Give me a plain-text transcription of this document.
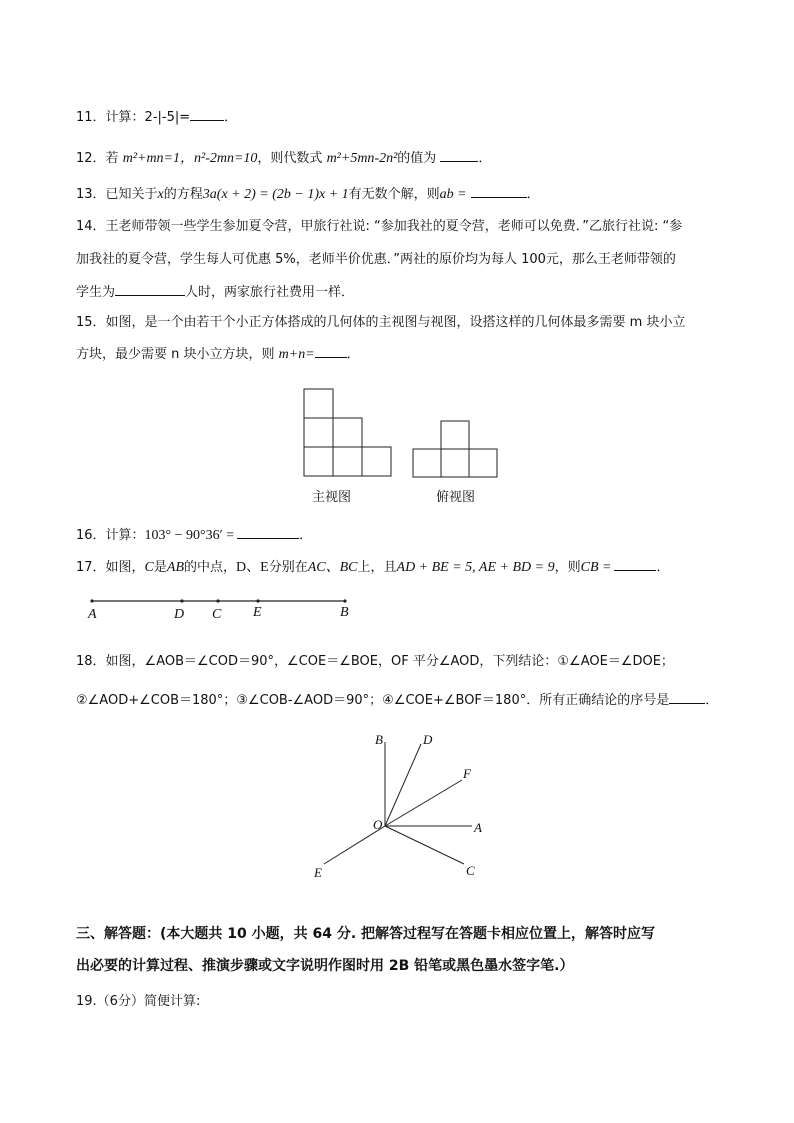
11．计算：2-|-5|=	．
12．若 m²+mn=1，n²-2mn=10，则代数式 m²+5mn-2n²的值为	．
13．已知关于x的方程3a(x + 2) = (2b − 1)x + 1有无数个解，则ab =	．
14．王老师带领一些学生参加夏令营，甲旅行社说: “参加我社的夏令营，老师可以免费．”乙旅行社说: “参
加我社的夏令营，学生每人可优惠 5%，老师半价优惠．”两社的原价均为每人 100元，那么王老师带领的
学生为	人时，两家旅行社费用一样．
15．如图，是一个由若干个小正方体搭成的几何体的主视图与视图，设搭这样的几何体最多需要 m 块小立
方块，最少需要 n 块小立方块，则 m+n= ．
主视图	俯视图
16．计算：103° − 90°36′ =	．
17．如图，C是AB的中点，D、E分别在AC、BC上，且AD + BE = 5, AE + BD = 9，则CB =	．
A	D C E	B
18．如图，∠AOB＝∠COD＝90°，∠COE＝∠BOE，OF 平分∠AOD，下列结论：①∠AOE＝∠DOE；
②∠AOD+∠COB＝180°；③∠COB-∠AOD＝90°；④∠COE+∠BOF＝180°．所有正确结论的序号是	．
B	D
F
O	A
E	C
三、解答题：(本大题共 10 小题，共 64 分. 把解答过程写在答题卡相应位置上，解答时应写
出必要的计算过程、推演步骤或文字说明作图时用 2B 铅笔或黑色墨水签字笔.）
19.（6分）简便计算:
